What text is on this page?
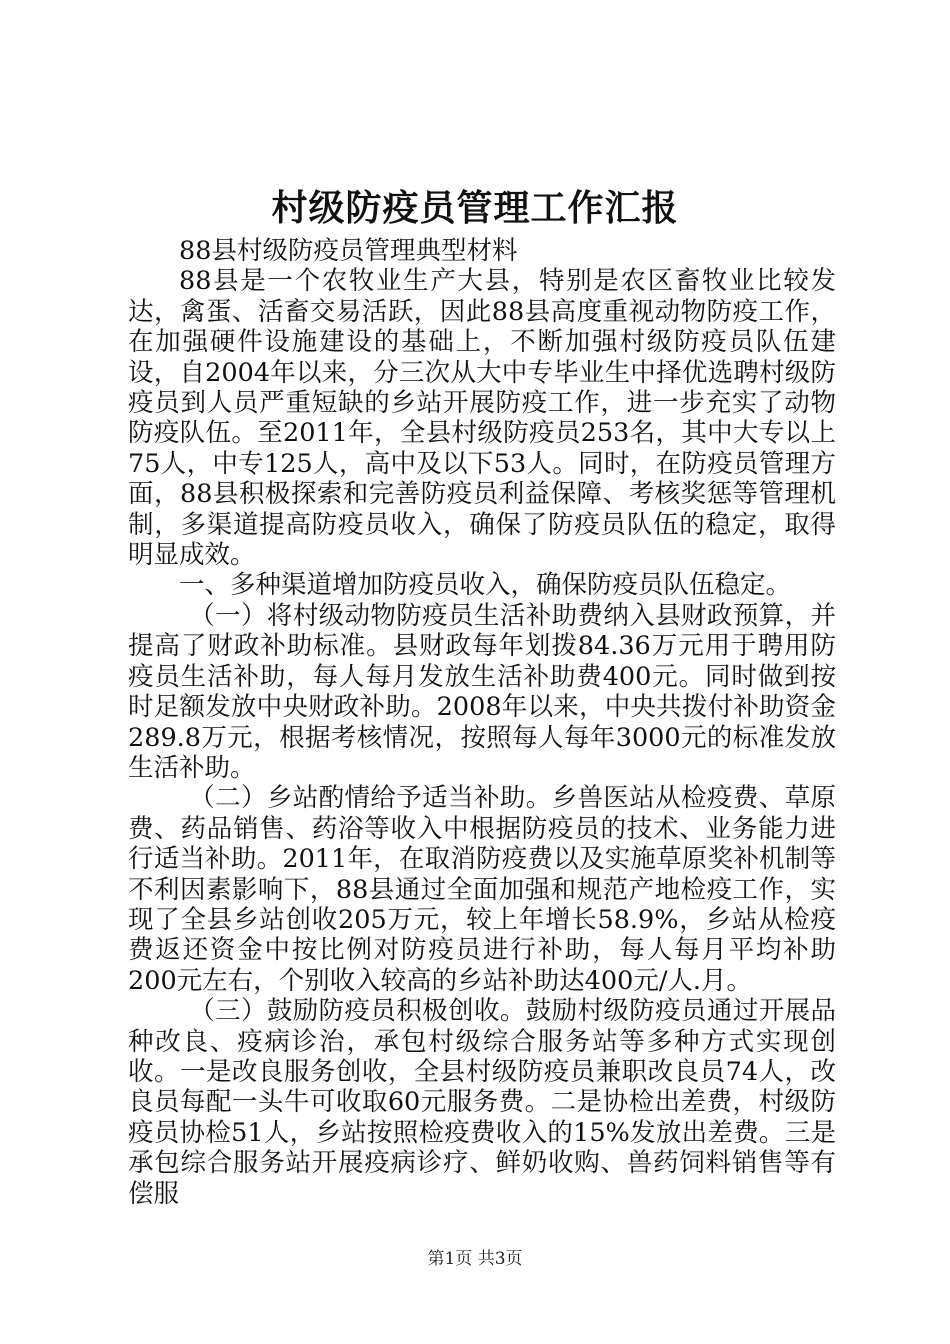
村级防疫员管理工作汇报

88县村级防疫员管理典型材料

88县是一个农牧业生产大县，特别是农区畜牧业比较发达，禽蛋、活畜交易活跃，因此88县高度重视动物防疫工作，在加强硬件设施建设的基础上，不断加强村级防疫员队伍建设，自2004年以来，分三次从大中专毕业生中择优选聘村级防疫员到人员严重短缺的乡站开展防疫工作，进一步充实了动物防疫队伍。至2011年，全县村级防疫员253名，其中大专以上75人，中专125人，高中及以下53人。同时，在防疫员管理方面，88县积极探索和完善防疫员利益保障、考核奖惩等管理机制，多渠道提高防疫员收入，确保了防疫员队伍的稳定，取得明显成效。

一、多种渠道增加防疫员收入，确保防疫员队伍稳定。

（一）将村级动物防疫员生活补助费纳入县财政预算，并提高了财政补助标准。县财政每年划拨84.36万元用于聘用防疫员生活补助，每人每月发放生活补助费400元。同时做到按时足额发放中央财政补助。2008年以来，中央共拨付补助资金289.8万元，根据考核情况，按照每人每年3000元的标准发放生活补助。

（二）乡站酌情给予适当补助。乡兽医站从检疫费、草原费、药品销售、药浴等收入中根据防疫员的技术、业务能力进行适当补助。2011年，在取消防疫费以及实施草原奖补机制等不利因素影响下，88县通过全面加强和规范产地检疫工作，实现了全县乡站创收205万元，较上年增长58.9%，乡站从检疫费返还资金中按比例对防疫员进行补助，每人每月平均补助200元左右，个别收入较高的乡站补助达400元/人.月。

（三）鼓励防疫员积极创收。鼓励村级防疫员通过开展品种改良、疫病诊治，承包村级综合服务站等多种方式实现创收。一是改良服务创收，全县村级防疫员兼职改良员74人，改良员每配一头牛可收取60元服务费。二是协检出差费，村级防疫员协检51人，乡站按照检疫费收入的15%发放出差费。三是承包综合服务站开展疫病诊疗、鲜奶收购、兽药饲料销售等有偿服

第1页 共3页
